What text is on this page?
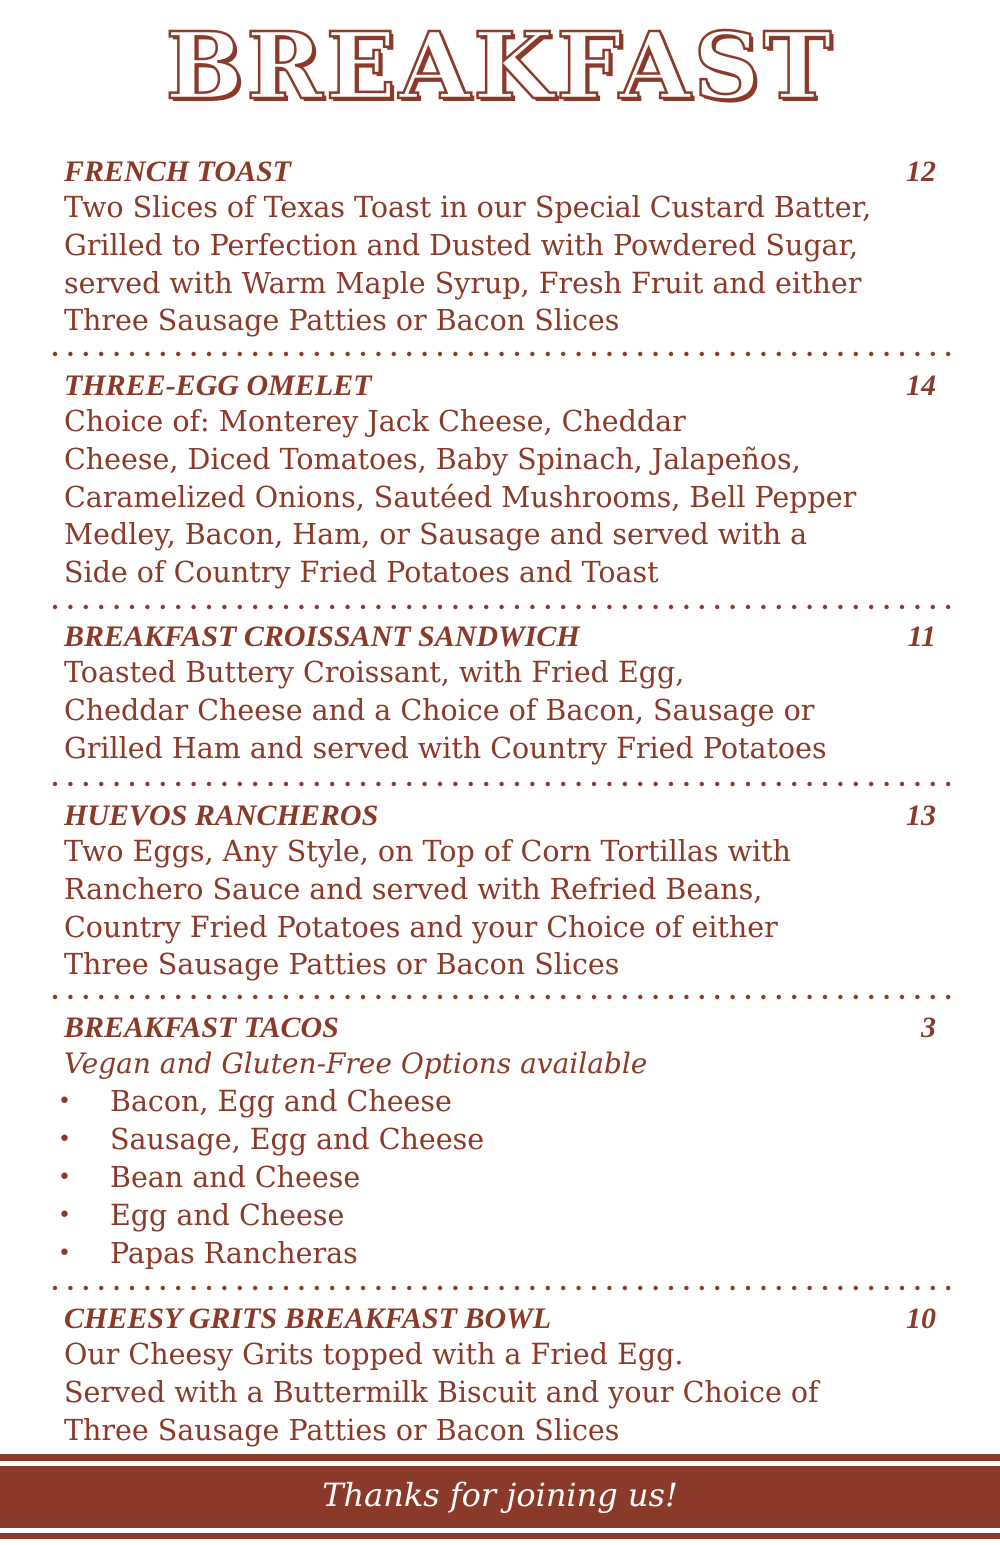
BREAKFAST
FRENCH TOAST	12
Two Slices of Texas Toast in our Special Custard Batter,
Grilled to Perfection and Dusted with Powdered Sugar,
served with Warm Maple Syrup, Fresh Fruit and either
Three Sausage Patties or Bacon Slices
THREE-EGG OMELET	14
Choice of: Monterey Jack Cheese, Cheddar
Cheese, Diced Tomatoes, Baby Spinach, Jalapeños,
Caramelized Onions, Sautéed Mushrooms, Bell Pepper
Medley, Bacon, Ham, or Sausage and served with a
Side of Country Fried Potatoes and Toast
BREAKFAST CROISSANT SANDWICH	11
Toasted Buttery Croissant, with Fried Egg,
Cheddar Cheese and a Choice of Bacon, Sausage or
Grilled Ham and served with Country Fried Potatoes
HUEVOS RANCHEROS	13
Two Eggs, Any Style, on Top of Corn Tortillas with
Ranchero Sauce and served with Refried Beans,
Country Fried Potatoes and your Choice of either
Three Sausage Patties or Bacon Slices
BREAKFAST TACOS	3
Vegan and Gluten-Free Options available
• Bacon, Egg and Cheese
• Sausage, Egg and Cheese
• Bean and Cheese
• Egg and Cheese
• Papas Rancheras
CHEESY GRITS BREAKFAST BOWL	10
Our Cheesy Grits topped with a Fried Egg.
Served with a Buttermilk Biscuit and your Choice of
Three Sausage Patties or Bacon Slices
Thanks for joining us!
